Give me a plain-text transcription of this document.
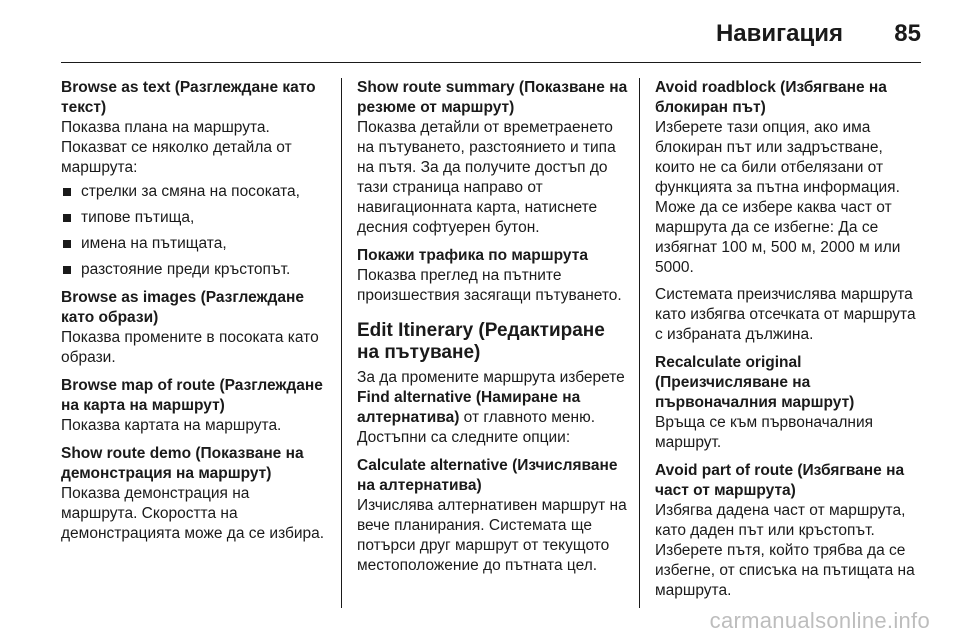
Навигация 85

Browse as text (Разглеждане като текст)

Показва плана на маршрута. Показват се няколко детайла от маршрута:

стрелки за смяна на посоката,
типове пътища,
имена на пътищата,
разстояние преди кръстопът.

Browse as images (Разглеждане като образи)

Показва промените в посоката като образи.

Browse map of route (Разглеждане на карта на маршрут)

Показва картата на маршрута.

Show route demo (Показване на демонстрация на маршрут)

Показва демонстрация на маршрута. Скоростта на демонстрацията може да се избира.

Show route summary (Показване на резюме от маршрут)

Показва детайли от времетраенето на пътуването, разстоянието и типа на пътя. За да получите достъп до тази страница направо от навигационната карта, натиснете десния софтуерен бутон.

Покажи трафика по маршрута

Показва преглед на пътните произшествия засягащи пътуването.

Edit Itinerary (Редактиране на пътуване)

За да промените маршрута изберете Find alternative (Намиране на алтернатива) от главното меню. Достъпни са следните опции:

Calculate alternative (Изчисляване на алтернатива)

Изчислява алтернативен маршрут на вече планирания. Системата ще потърси друг маршрут от текущото местоположение до пътната цел.

Avoid roadblock (Избягване на блокиран път)

Изберете тази опция, ако има блокиран път или задръстване, които не са били отбелязани от функцията за пътна информация. Може да се избере каква част от маршрута да се избегне: Да се избягнат 100 м, 500 м, 2000 м или 5000.

Системата преизчислява маршрута като избягва отсечката от маршрута с избраната дължина.

Recalculate original (Преизчисляване на първоначалния маршрут)

Връща се към първоначалния маршрут.

Avoid part of route (Избягване на част от маршрута)

Избягва дадена част от маршрута, като даден път или кръстопът. Изберете пътя, който трябва да се избегне, от списъка на пътищата на маршрута.

carmanualsonline.info
